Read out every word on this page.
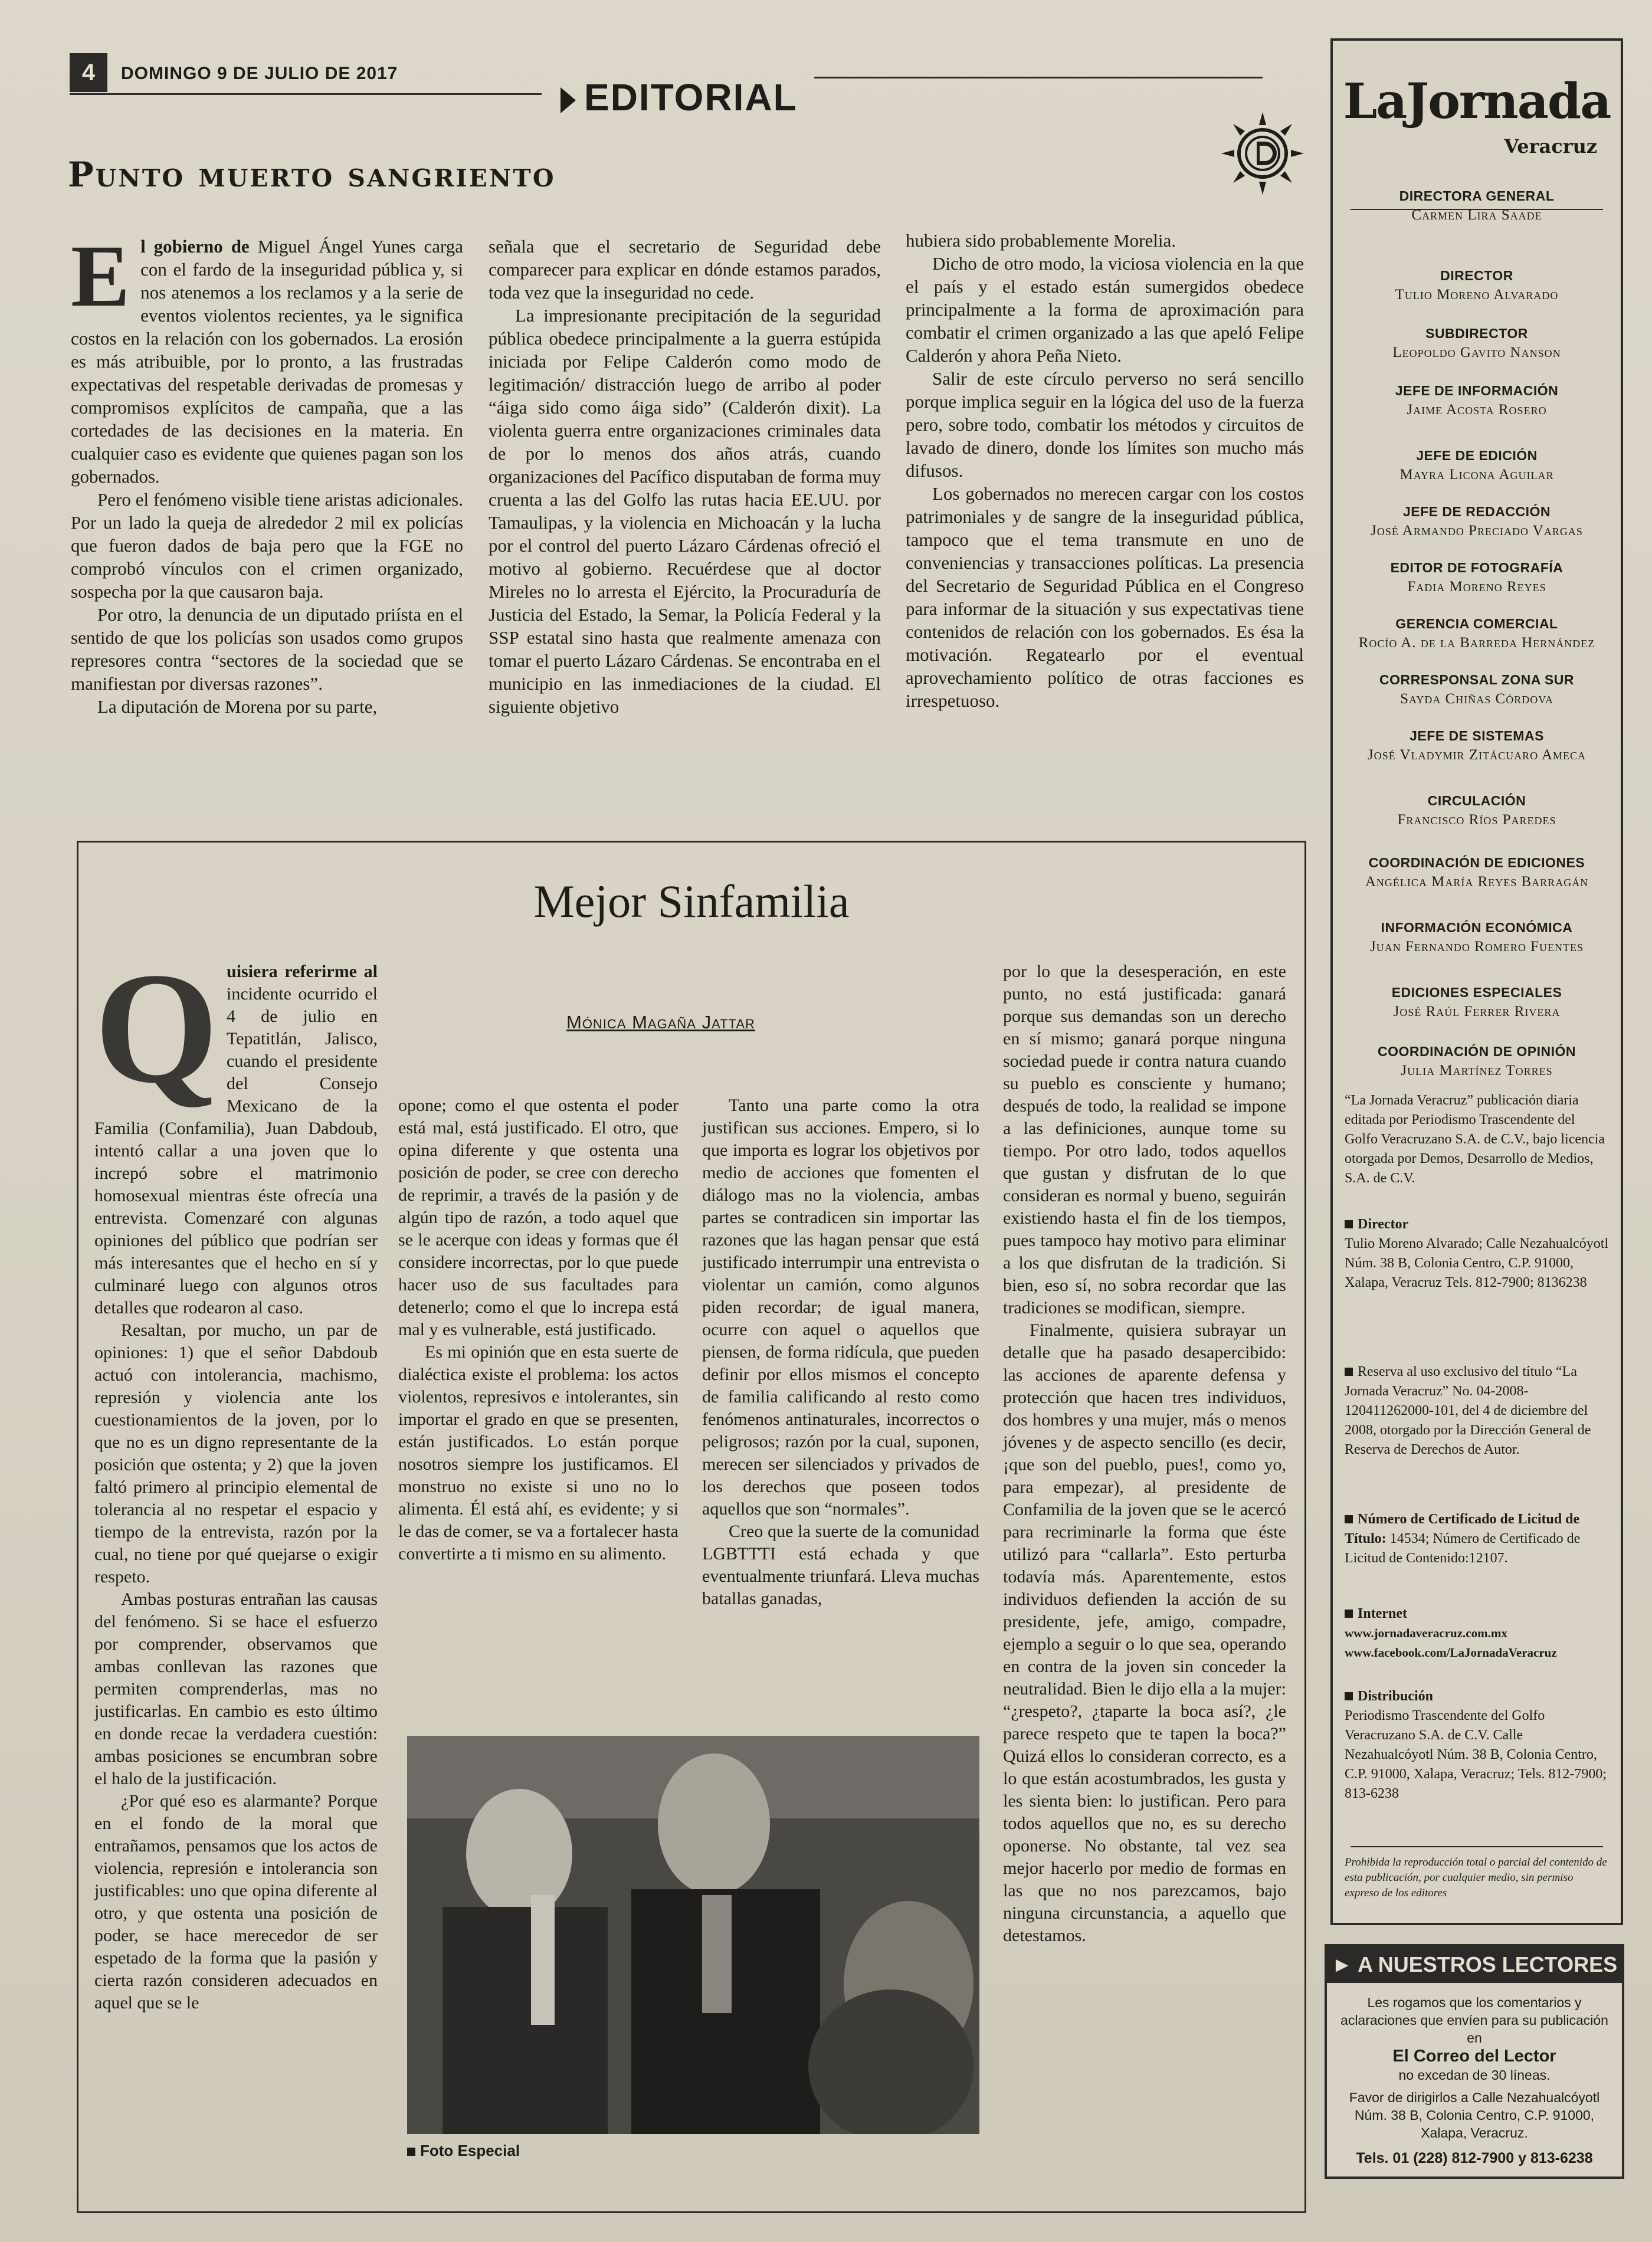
4	DOMINGO 9 DE JULIO DE 2017
EDITORIAL
Punto muerto sangriento

El gobierno de Miguel Ángel Yunes carga con el fardo de la inseguridad pública y, si nos atenemos a los reclamos y a la serie de eventos violentos recientes, ya le significa costos en la relación con los gobernados. La erosión es más atribuible, por lo pronto, a las frustradas expectativas del respetable derivadas de promesas y compromisos explícitos de campaña, que a las cortedades de las decisiones en la materia. En cualquier caso es evidente que quienes pagan son los gobernados.

Pero el fenómeno visible tiene aristas adicionales. Por un lado la queja de alrededor 2 mil ex policías que fueron dados de baja pero que la FGE no comprobó vínculos con el crimen organizado, sospecha por la que causaron baja.

Por otro, la denuncia de un diputado priísta en el sentido de que los policías son usados como grupos represores contra “sectores de la sociedad que se manifiestan por diversas razones”.

La diputación de Morena por su parte,

señala que el secretario de Seguridad debe comparecer para explicar en dónde estamos parados, toda vez que la inseguridad no cede.

La impresionante precipitación de la seguridad pública obedece principalmente a la guerra estúpida iniciada por Felipe Calderón como modo de legitimación/ distracción luego de arribo al poder “áiga sido como áiga sido” (Calderón dixit). La violenta guerra entre organizaciones criminales data de por lo menos dos años atrás, cuando organizaciones del Pacífico disputaban de forma muy cruenta a las del Golfo las rutas hacia EE.UU. por Tamaulipas, y la violencia en Michoacán y la lucha por el control del puerto Lázaro Cárdenas ofreció el motivo al gobierno. Recuérdese que al doctor Mireles no lo arresta el Ejército, la Procuraduría de Justicia del Estado, la Semar, la Policía Federal y la SSP estatal sino hasta que realmente amenaza con tomar el puerto Lázaro Cárdenas. Se encontraba en el municipio en las inmediaciones de la ciudad. El siguiente objetivo

hubiera sido probablemente Morelia.

Dicho de otro modo, la viciosa violencia en la que el país y el estado están sumergidos obedece principalmente a la forma de aproximación para combatir el crimen organizado a las que apeló Felipe Calderón y ahora Peña Nieto.

Salir de este círculo perverso no será sencillo porque implica seguir en la lógica del uso de la fuerza pero, sobre todo, combatir los métodos y circuitos de lavado de dinero, donde los límites son mucho más difusos.

Los gobernados no merecen cargar con los costos patrimoniales y de sangre de la inseguridad pública, tampoco que el tema transmute en uno de conveniencias y transacciones políticas. La presencia del Secretario de Seguridad Pública en el Congreso para informar de la situación y sus expectativas tiene contenidos de relación con los gobernados. Es ésa la motivación. Regatearlo por el eventual aprovechamiento político de otras facciones es irrespetuoso.

Mejor Sinfamilia
Mónica Magaña Jattar

Quisiera referirme al incidente ocurrido el 4 de julio en Tepatitlán, Jalisco, cuando el presidente del Consejo Mexicano de la Familia (Confamilia), Juan Dabdoub, intentó callar a una joven que lo increpó sobre el matrimonio homosexual mientras éste ofrecía una entrevista. Comenzaré con algunas opiniones del público que podrían ser más interesantes que el hecho en sí y culminaré luego con algunos otros detalles que rodearon al caso.

Resaltan, por mucho, un par de opiniones: 1) que el señor Dabdoub actuó con intolerancia, machismo, represión y violencia ante los cuestionamientos de la joven, por lo que no es un digno representante de la posición que ostenta; y 2) que la joven faltó primero al principio elemental de tolerancia al no respetar el espacio y tiempo de la entrevista, razón por la cual, no tiene por qué quejarse o exigir respeto.

Ambas posturas entrañan las causas del fenómeno. Si se hace el esfuerzo por comprender, observamos que ambas conllevan las razones que permiten comprenderlas, mas no justificarlas. En cambio es esto último en donde recae la verdadera cuestión: ambas posiciones se encumbran sobre el halo de la justificación.

¿Por qué eso es alarmante? Porque en el fondo de la moral que entrañamos, pensamos que los actos de violencia, represión e intolerancia son justificables: uno que opina diferente al otro, y que ostenta una posición de poder, se hace merecedor de ser espetado de la forma que la pasión y cierta razón consideren adecuados en aquel que se le

opone; como el que ostenta el poder está mal, está justificado. El otro, que opina diferente y que ostenta una posición de poder, se cree con derecho de reprimir, a través de la pasión y de algún tipo de razón, a todo aquel que se le acerque con ideas y formas que él considere incorrectas, por lo que puede hacer uso de sus facultades para detenerlo; como el que lo increpa está mal y es vulnerable, está justificado.

Es mi opinión que en esta suerte de dialéctica existe el problema: los actos violentos, represivos e intolerantes, sin importar el grado en que se presenten, están justificados. Lo están porque nosotros siempre los justificamos. El monstruo no existe si uno no lo alimenta. Él está ahí, es evidente; y si le das de comer, se va a fortalecer hasta convertirte a ti mismo en su alimento.

Tanto una parte como la otra justifican sus acciones. Empero, si lo que importa es lograr los objetivos por medio de acciones que fomenten el diálogo mas no la violencia, ambas partes se contradicen sin importar las razones que las hagan pensar que está justificado interrumpir una entrevista o violentar un camión, como algunos piden recordar; de igual manera, ocurre con aquel o aquellos que piensen, de forma ridícula, que pueden definir por ellos mismos el concepto de familia calificando al resto como fenómenos antinaturales, incorrectos o peligrosos; razón por la cual, suponen, merecen ser silenciados y privados de los derechos que poseen todos aquellos que son “normales”.

Creo que la suerte de la comunidad LGBTTTI está echada y que eventualmente triunfará. Lleva muchas batallas ganadas,

por lo que la desesperación, en este punto, no está justificada: ganará porque sus demandas son un derecho en sí mismo; ganará porque ninguna sociedad puede ir contra natura cuando su pueblo es consciente y humano; después de todo, la realidad se impone a las definiciones, aunque tome su tiempo. Por otro lado, todos aquellos que gustan y disfrutan de lo que consideran es normal y bueno, seguirán existiendo hasta el fin de los tiempos, pues tampoco hay motivo para eliminar a los que disfrutan de la tradición. Si bien, eso sí, no sobra recordar que las tradiciones se modifican, siempre.

Finalmente, quisiera subrayar un detalle que ha pasado desapercibido: las acciones de aparente defensa y protección que hacen tres individuos, dos hombres y una mujer, más o menos jóvenes y de aspecto sencillo (es decir, ¡que son del pueblo, pues!, como yo, para empezar), al presidente de Confamilia de la joven que se le acercó para recriminarle la forma que éste utilizó para “callarla”. Esto perturba todavía más. Aparentemente, estos individuos defienden la acción de su presidente, jefe, amigo, compadre, ejemplo a seguir o lo que sea, operando en contra de la joven sin conceder la neutralidad. Bien le dijo ella a la mujer: “¿respeto?, ¿taparte la boca así?, ¿le parece respeto que te tapen la boca?” Quizá ellos lo consideran correcto, es a lo que están acostumbrados, les gusta y les sienta bien: lo justifican. Pero para todos aquellos que no, es su derecho oponerse. No obstante, tal vez sea mejor hacerlo por medio de formas en las que no nos parezcamos, bajo ninguna circunstancia, a aquello que detestamos.

Foto Especial
LaJornada
Veracruz
DIRECTORA GENERAL
Carmen Lira Saade
DIRECTOR
Tulio Moreno Alvarado
SUBDIRECTOR
Leopoldo Gavito Nanson
JEFE DE INFORMACIÓN
Jaime Acosta Rosero
JEFE DE EDICIÓN
Mayra Licona Aguilar
JEFE DE REDACCIÓN
José Armando Preciado Vargas
EDITOR DE FOTOGRAFÍA
Fadia Moreno Reyes
GERENCIA COMERCIAL
Rocío A. de la Barreda Hernández
CORRESPONSAL ZONA SUR
Sayda Chiñas Córdova
JEFE DE SISTEMAS
José Vladymir Zitácuaro Ameca
CIRCULACIÓN
Francisco Ríos Paredes
COORDINACIÓN DE EDICIONES
Angélica María Reyes Barragán
INFORMACIÓN ECONÓMICA
Juan Fernando Romero Fuentes
EDICIONES ESPECIALES
José Raúl Ferrer Rivera
COORDINACIÓN DE OPINIÓN
Julia Martínez Torres
“La Jornada Veracruz” publicación diaria editada por Periodismo Trascendente del Golfo Veracruzano S.A. de C.V., bajo licencia otorgada por Demos, Desarrollo de Medios, S.A. de C.V.
Director
Tulio Moreno Alvarado; Calle Nezahualcóyotl Núm. 38 B, Colonia Centro, C.P. 91000, Xalapa, Veracruz Tels. 812-7900; 8136238
Reserva al uso exclusivo del título “La Jornada Veracruz” No. 04-2008-120411262000-101, del 4 de diciembre del 2008, otorgado por la Dirección General de Reserva de Derechos de Autor.
Número de Certificado de Licitud de Título: 14534; Número de Certificado de Licitud de Contenido:12107.
Internet
www.jornadaveracruz.com.mx
www.facebook.com/LaJornadaVeracruz
Distribución
Periodismo Trascendente del Golfo Veracruzano S.A. de C.V. Calle Nezahualcóyotl Núm. 38 B, Colonia Centro, C.P. 91000, Xalapa, Veracruz; Tels. 812-7900; 813-6238
Prohibida la reproducción total o parcial del contenido de esta publicación, por cualquier medio, sin permiso expreso de los editores
► A NUESTROS LECTORES
Les rogamos que los comentarios y aclaraciones que envíen para su publicación en
El Correo del Lector
no excedan de 30 líneas.
Favor de dirigirlos a Calle Nezahualcóyotl Núm. 38 B, Colonia Centro, C.P. 91000, Xalapa, Veracruz.
Tels. 01 (228) 812-7900 y 813-6238
